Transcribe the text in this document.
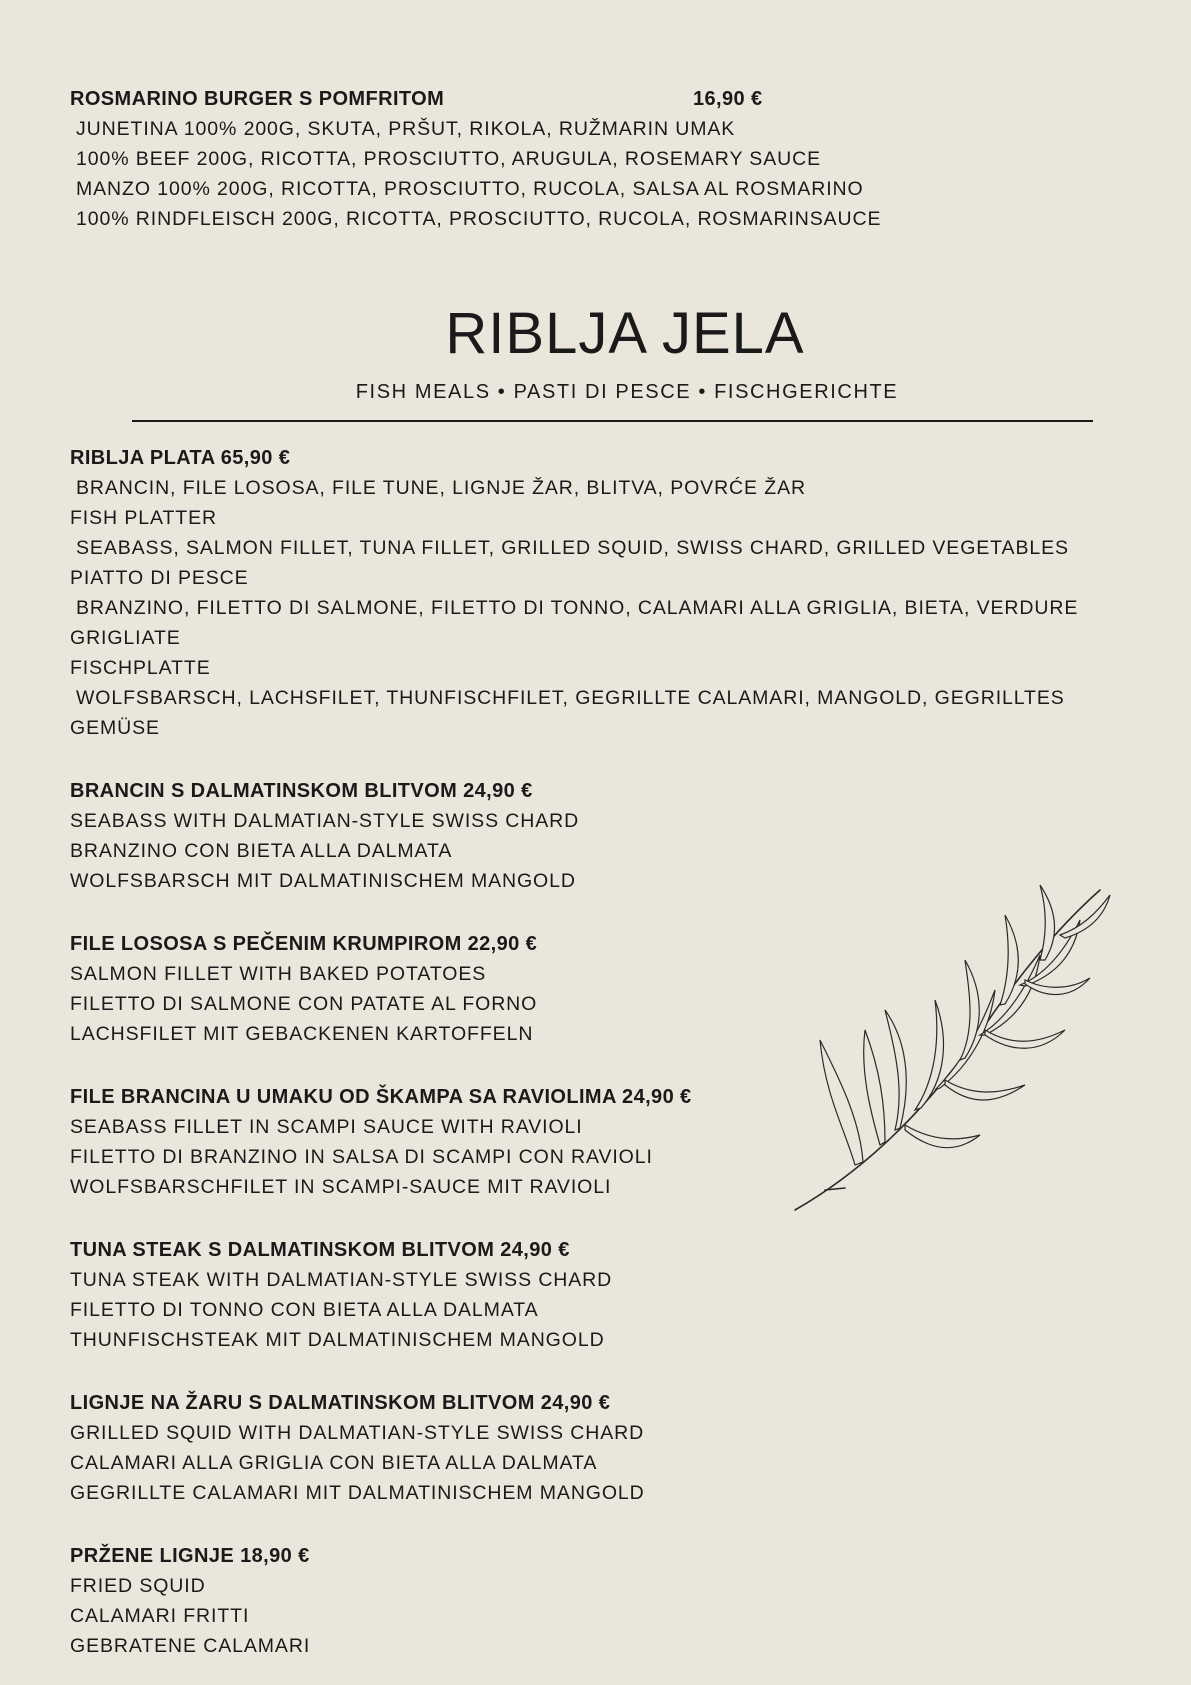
ROSMARINO BURGER S POMFRITOM	16,90 €
JUNETINA 100% 200G, SKUTA, PRŠUT, RIKOLA, RUŽMARIN UMAK
100% BEEF 200G, RICOTTA, PROSCIUTTO, ARUGULA, ROSEMARY SAUCE
MANZO 100% 200G, RICOTTA, PROSCIUTTO, RUCOLA, SALSA AL ROSMARINO
100% RINDFLEISCH 200G, RICOTTA, PROSCIUTTO, RUCOLA, ROSMARINSAUCE
RIBLJA JELA
FISH MEALS • PASTI DI PESCE • FISCHGERICHTE
RIBLJA PLATA 65,90 €
BRANCIN, FILE LOSOSA, FILE TUNE, LIGNJE ŽAR, BLITVA, POVRĆE ŽAR
FISH PLATTER
SEABASS, SALMON FILLET, TUNA FILLET, GRILLED SQUID, SWISS CHARD, GRILLED VEGETABLES
PIATTO DI PESCE
BRANZINO, FILETTO DI SALMONE, FILETTO DI TONNO, CALAMARI ALLA GRIGLIA, BIETA, VERDURE
GRIGLIATE
FISCHPLATTE
WOLFSBARSCH, LACHSFILET, THUNFISCHFILET, GEGRILLTE CALAMARI, MANGOLD, GEGRILLTES
GEMÜSE
BRANCIN S DALMATINSKOM BLITVOM 24,90 €
SEABASS WITH DALMATIAN-STYLE SWISS CHARD
BRANZINO CON BIETA ALLA DALMATA
WOLFSBARSCH MIT DALMATINISCHEM MANGOLD
FILE LOSOSA S PEČENIM KRUMPIROM 22,90 €
SALMON FILLET WITH BAKED POTATOES
FILETTO DI SALMONE CON PATATE AL FORNO
LACHSFILET MIT GEBACKENEN KARTOFFELN
FILE BRANCINA U UMAKU OD ŠKAMPA SA RAVIOLIMA 24,90 €
SEABASS FILLET IN SCAMPI SAUCE WITH RAVIOLI
FILETTO DI BRANZINO IN SALSA DI SCAMPI CON RAVIOLI
WOLFSBARSCHFILET IN SCAMPI-SAUCE MIT RAVIOLI
TUNA STEAK S DALMATINSKOM BLITVOM 24,90 €
TUNA STEAK WITH DALMATIAN-STYLE SWISS CHARD
FILETTO DI TONNO CON BIETA ALLA DALMATA
THUNFISCHSTEAK MIT DALMATINISCHEM MANGOLD
LIGNJE NA ŽARU S DALMATINSKOM BLITVOM 24,90 €
GRILLED SQUID WITH DALMATIAN-STYLE SWISS CHARD
CALAMARI ALLA GRIGLIA CON BIETA ALLA DALMATA
GEGRILLTE CALAMARI MIT DALMATINISCHEM MANGOLD
PRŽENE LIGNJE 18,90 €
FRIED SQUID
CALAMARI FRITTI
GEBRATENE CALAMARI
